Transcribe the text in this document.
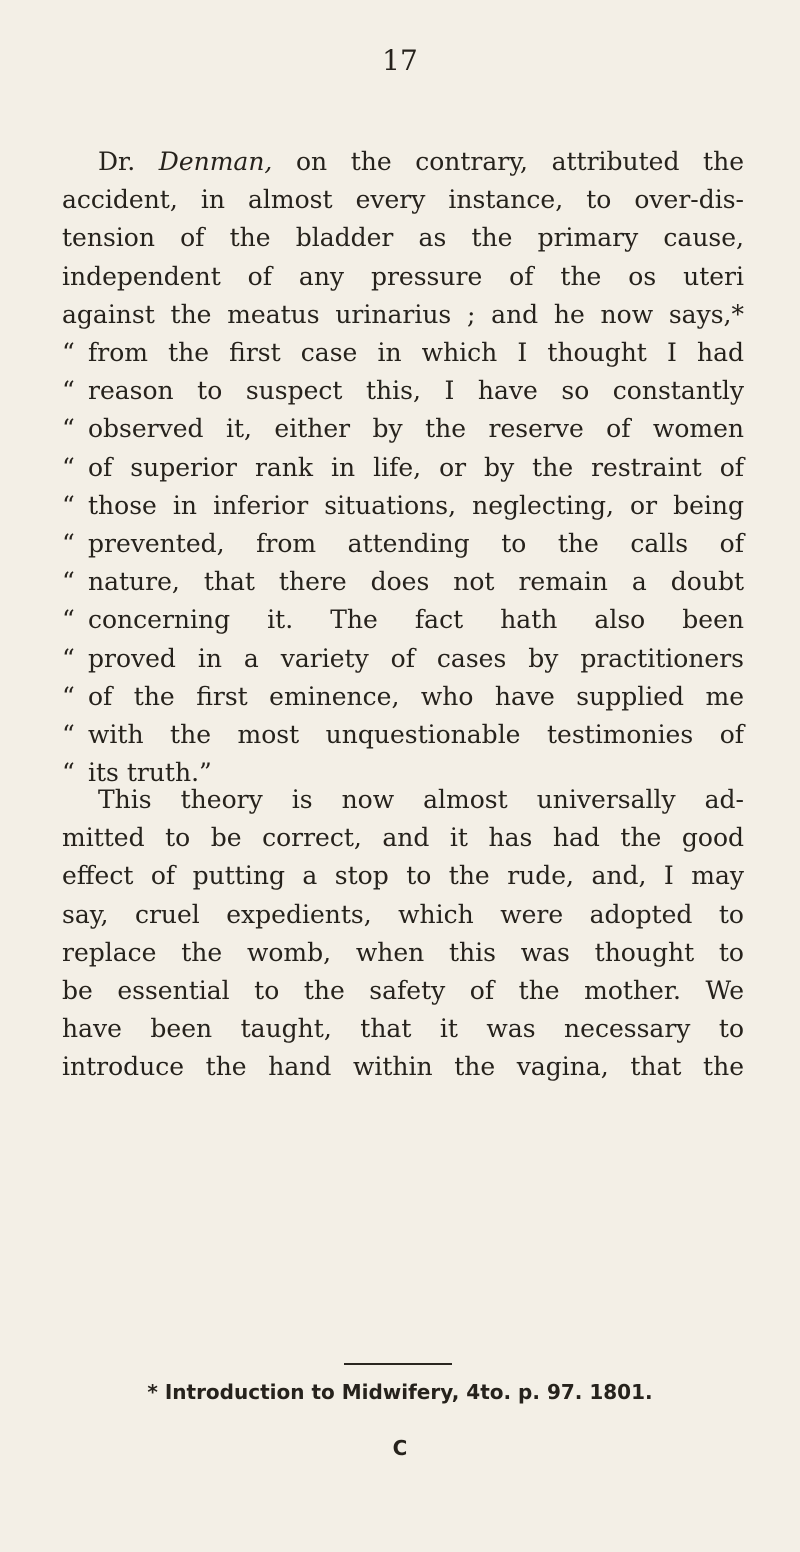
17
Dr. Denman, on the contrary, attributed the
accident, in almost every instance, to over-dis-
tension of the bladder as the primary cause,
independent of any pressure of the os uteri
against the meatus urinarius ; and he now says,*
“ from the first case in which I thought I had
“ reason to suspect this, I have so constantly
“ observed it, either by the reserve of women
“ of superior rank in life, or by the restraint of
“ those in inferior situations, neglecting, or being
“ prevented, from attending to the calls of
“ nature, that there does not remain a doubt
“ concerning it. The fact hath also been
“ proved in a variety of cases by practitioners
“ of the first eminence, who have supplied me
“ with the most unquestionable testimonies of
“ its truth.”
This theory is now almost universally ad-
mitted to be correct, and it has had the good
effect of putting a stop to the rude, and, I may
say, cruel expedients, which were adopted to
replace the womb, when this was thought to
be essential to the safety of the mother. We
have been taught, that it was necessary to
introduce the hand within the vagina, that the
* Introduction to Midwifery, 4to. p. 97. 1801.
C
